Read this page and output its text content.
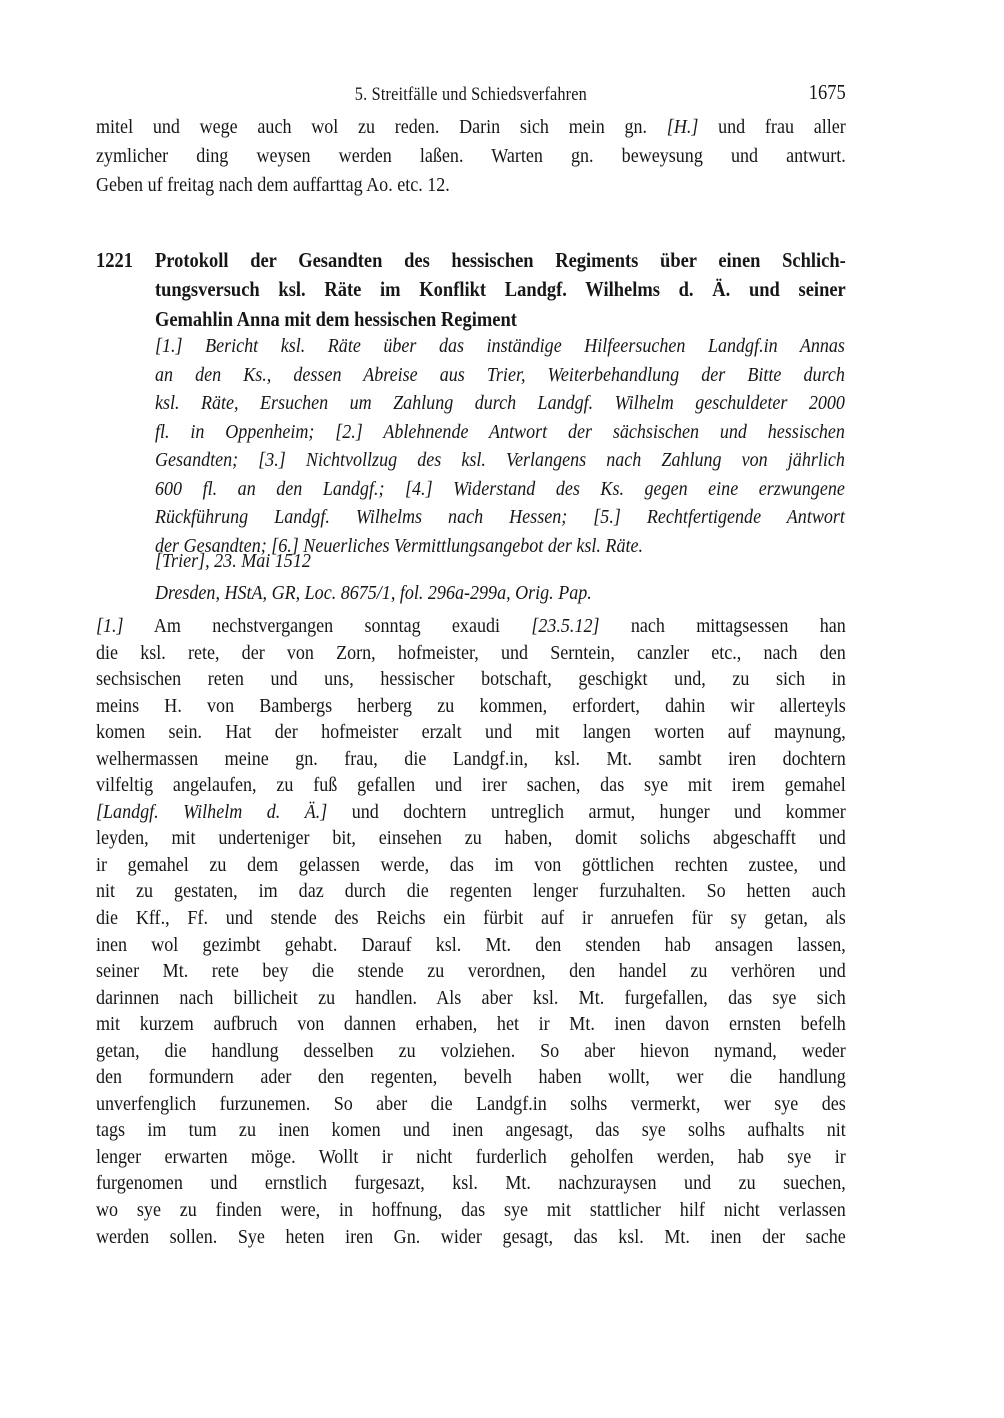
5. Streitfälle und Schiedsverfahren	1675
mitel und wege auch wol zu reden. Darin sich mein gn. [H.] und frau aller
zymlicher ding weysen werden laßen. Warten gn. beweysung und antwurt.
Geben uf freitag nach dem auffarttag Ao. etc. 12.
1221	Protokoll der Gesandten des hessischen Regiments über einen Schlich-
tungsversuch ksl. Räte im Konflikt Landgf. Wilhelms d. Ä. und seiner
Gemahlin Anna mit dem hessischen Regiment
[1.] Bericht ksl. Räte über das inständige Hilfeersuchen Landgf.in Annas
an den Ks., dessen Abreise aus Trier, Weiterbehandlung der Bitte durch
ksl. Räte, Ersuchen um Zahlung durch Landgf. Wilhelm geschuldeter 2000
fl. in Oppenheim; [2.] Ablehnende Antwort der sächsischen und hessischen
Gesandten; [3.] Nichtvollzug des ksl. Verlangens nach Zahlung von jährlich
600 fl. an den Landgf.; [4.] Widerstand des Ks. gegen eine erzwungene
Rückführung Landgf. Wilhelms nach Hessen; [5.] Rechtfertigende Antwort
der Gesandten; [6.] Neuerliches Vermittlungsangebot der ksl. Räte.
[Trier], 23. Mai 1512
Dresden, HStA, GR, Loc. 8675/1, fol. 296a-299a, Orig. Pap.
[1.] Am nechstvergangen sonntag exaudi [23.5.12] nach mittagsessen han
die ksl. rete, der von Zorn, hofmeister, und Serntein, canzler etc., nach den
sechsischen reten und uns, hessischer botschaft, geschigkt und, zu sich in
meins H. von Bambergs herberg zu kommen, erfordert, dahin wir allerteyls
komen sein. Hat der hofmeister erzalt und mit langen worten auf maynung,
welhermassen meine gn. frau, die Landgf.in, ksl. Mt. sambt iren dochtern
vilfeltig angelaufen, zu fuß gefallen und irer sachen, das sye mit irem gemahel
[Landgf. Wilhelm d. Ä.] und dochtern untreglich armut, hunger und kommer
leyden, mit underteniger bit, einsehen zu haben, domit solichs abgeschafft und
ir gemahel zu dem gelassen werde, das im von göttlichen rechten zustee, und
nit zu gestaten, im daz durch die regenten lenger furzuhalten. So hetten auch
die Kff., Ff. und stende des Reichs ein fürbit auf ir anruefen für sy getan, als
inen wol gezimbt gehabt. Darauf ksl. Mt. den stenden hab ansagen lassen,
seiner Mt. rete bey die stende zu verordnen, den handel zu verhören und
darinnen nach billicheit zu handlen. Als aber ksl. Mt. furgefallen, das sye sich
mit kurzem aufbruch von dannen erhaben, het ir Mt. inen davon ernsten befelh
getan, die handlung desselben zu volziehen. So aber hievon nymand, weder
den formundern ader den regenten, bevelh haben wollt, wer die handlung
unverfenglich furzunemen. So aber die Landgf.in solhs vermerkt, wer sye des
tags im tum zu inen komen und inen angesagt, das sye solhs aufhalts nit
lenger erwarten möge. Wollt ir nicht furderlich geholfen werden, hab sye ir
furgenomen und ernstlich furgesazt, ksl. Mt. nachzuraysen und zu suechen,
wo sye zu finden were, in hoffnung, das sye mit stattlicher hilf nicht verlassen
werden sollen. Sye heten iren Gn. wider gesagt, das ksl. Mt. inen der sache
